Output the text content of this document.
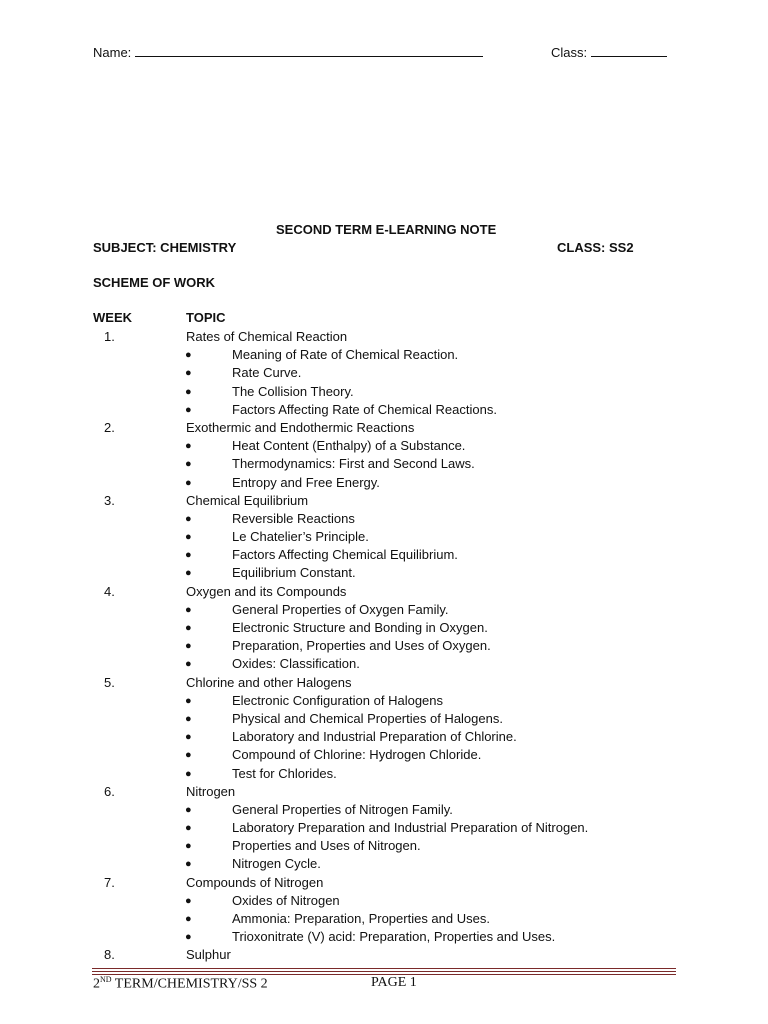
Name:	Class:
SECOND TERM E-LEARNING NOTE
SUBJECT: CHEMISTRY	CLASS: SS2
SCHEME OF WORK
WEEK	TOPIC
1.	Rates of Chemical Reaction
●	Meaning of Rate of Chemical Reaction.
●	Rate Curve.
●	The Collision Theory.
●	Factors Affecting Rate of Chemical Reactions.
2.	Exothermic and Endothermic Reactions
●	Heat Content (Enthalpy) of a Substance.
●	Thermodynamics: First and Second Laws.
●	Entropy and Free Energy.
3.	Chemical Equilibrium
●	Reversible Reactions
●	Le Chatelier’s Principle.
●	Factors Affecting Chemical Equilibrium.
●	Equilibrium Constant.
4.	Oxygen and its Compounds
●	General Properties of Oxygen Family.
●	Electronic Structure and Bonding in Oxygen.
●	Preparation, Properties and Uses of Oxygen.
●	Oxides: Classification.
5.	Chlorine and other Halogens
●	Electronic Configuration of Halogens
●	Physical and Chemical Properties of Halogens.
●	Laboratory and Industrial Preparation of Chlorine.
●	Compound of Chlorine: Hydrogen Chloride.
●	Test for Chlorides.
6.	Nitrogen
●	General Properties of Nitrogen Family.
●	Laboratory Preparation and Industrial Preparation of Nitrogen.
●	Properties and Uses of Nitrogen.
●	Nitrogen Cycle.
7.	Compounds of Nitrogen
●	Oxides of Nitrogen
●	Ammonia: Preparation, Properties and Uses.
●	Trioxonitrate (V) acid: Preparation, Properties and Uses.
8.	Sulphur
2ND TERM/CHEMISTRY/SS 2	PAGE 1
